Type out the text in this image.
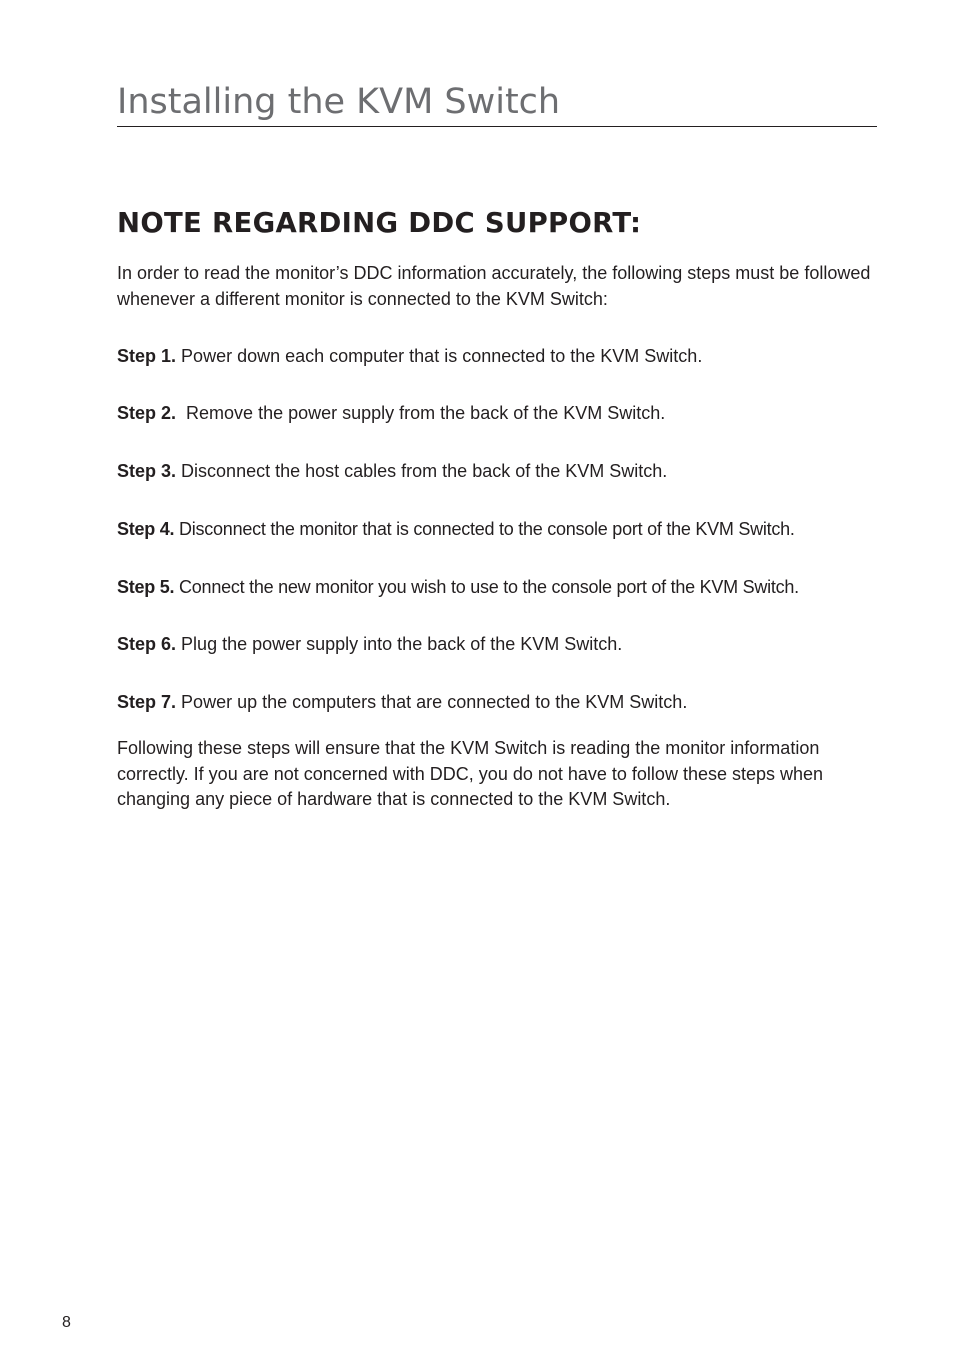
Installing the KVM Switch
NOTE REGARDING DDC SUPPORT:

In order to read the monitor’s DDC information accurately, the following steps must be followed whenever a different monitor is connected to the KVM Switch:

Step 1. Power down each computer that is connected to the KVM Switch.

Step 2. Remove the power supply from the back of the KVM Switch.

Step 3. Disconnect the host cables from the back of the KVM Switch.

Step 4. Disconnect the monitor that is connected to the console port of the KVM Switch.

Step 5. Connect the new monitor you wish to use to the console port of the KVM Switch.

Step 6. Plug the power supply into the back of the KVM Switch.

Step 7. Power up the computers that are connected to the KVM Switch.

Following these steps will ensure that the KVM Switch is reading the monitor information correctly. If you are not concerned with DDC, you do not have to follow these steps when changing any piece of hardware that is connected to the KVM Switch.

8
